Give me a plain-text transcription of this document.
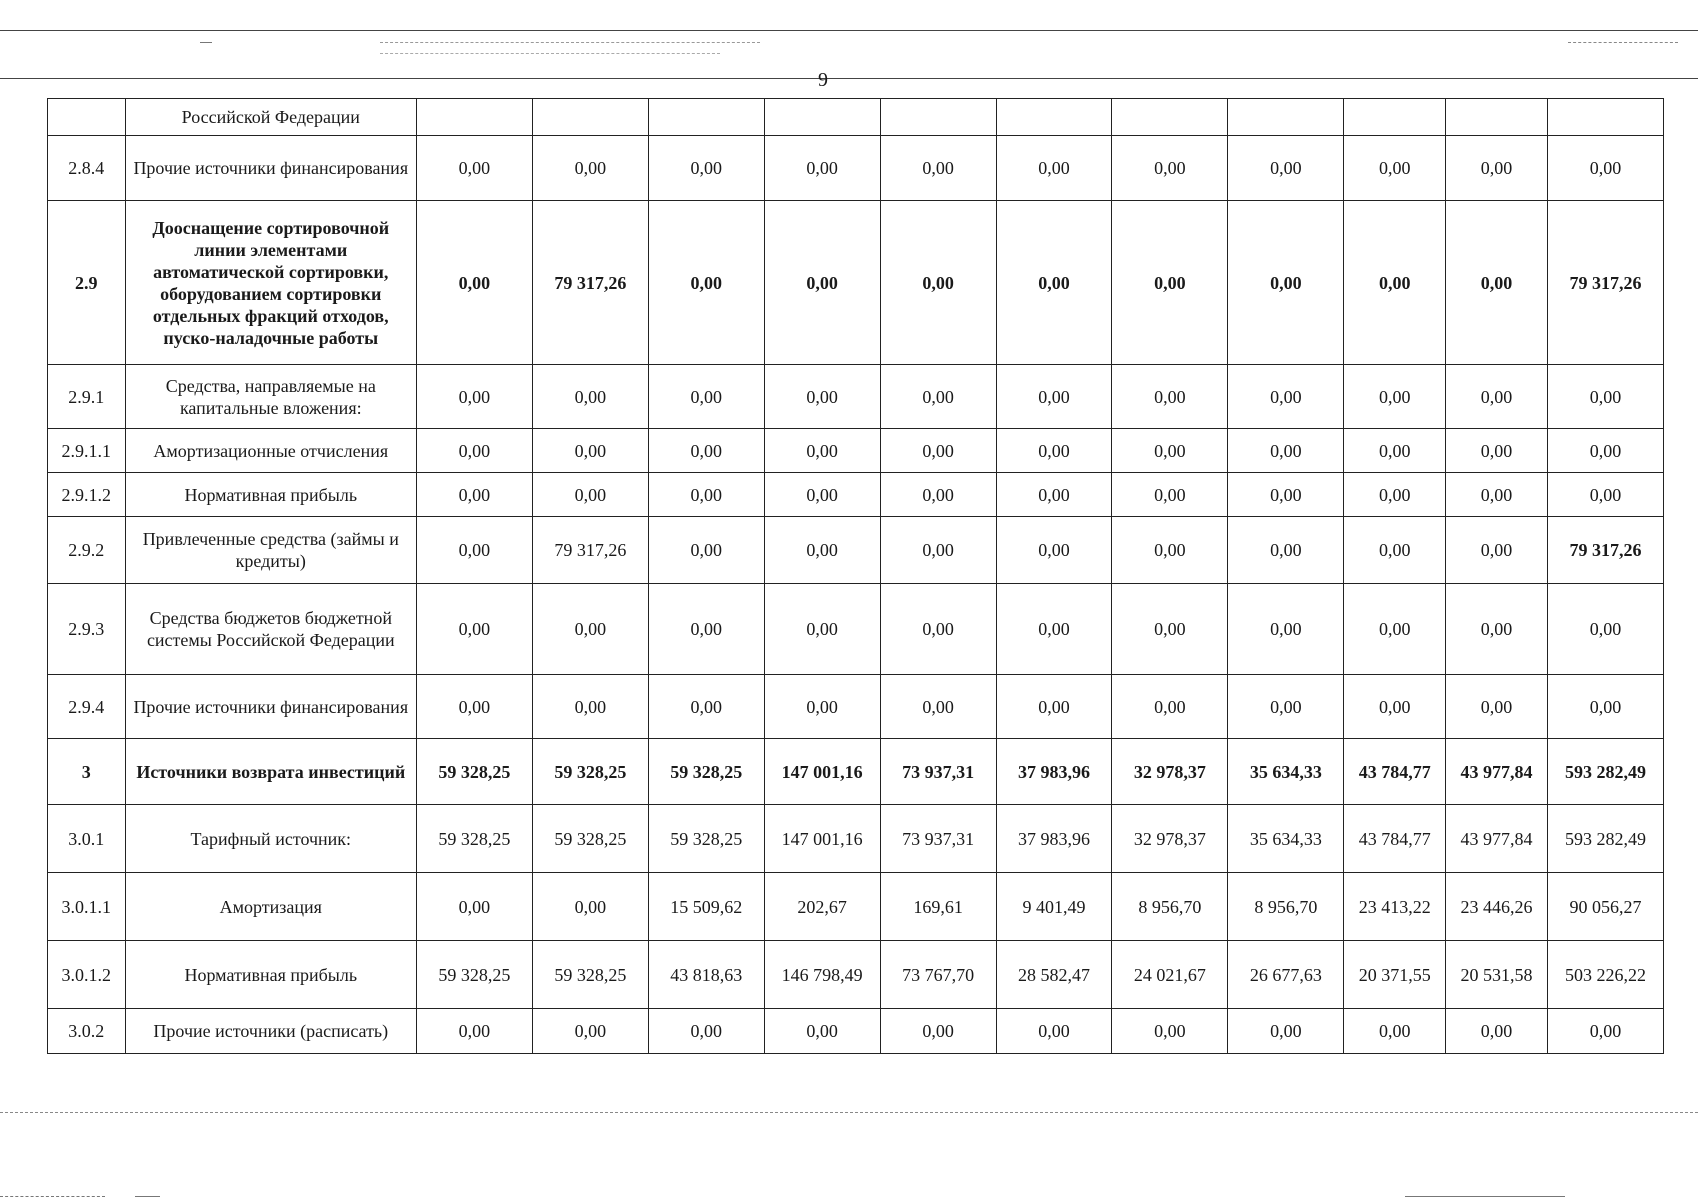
9
	Российской Федерации											
2.8.4	Прочие источники финансирования	0,00	0,00	0,00	0,00	0,00	0,00	0,00	0,00	0,00	0,00	0,00
2.9	Дооснащение сортировочной линии элементами автоматической сортировки, оборудованием сортировки отдельных фракций отходов, пуско-наладочные работы	0,00	79 317,26	0,00	0,00	0,00	0,00	0,00	0,00	0,00	0,00	79 317,26
2.9.1	Средства, направляемые на капитальные вложения:	0,00	0,00	0,00	0,00	0,00	0,00	0,00	0,00	0,00	0,00	0,00
2.9.1.1	Амортизационные отчисления	0,00	0,00	0,00	0,00	0,00	0,00	0,00	0,00	0,00	0,00	0,00
2.9.1.2	Нормативная прибыль	0,00	0,00	0,00	0,00	0,00	0,00	0,00	0,00	0,00	0,00	0,00
2.9.2	Привлеченные средства (займы и кредиты)	0,00	79 317,26	0,00	0,00	0,00	0,00	0,00	0,00	0,00	0,00	79 317,26
2.9.3	Средства бюджетов бюджетной системы Российской Федерации	0,00	0,00	0,00	0,00	0,00	0,00	0,00	0,00	0,00	0,00	0,00
2.9.4	Прочие источники финансирования	0,00	0,00	0,00	0,00	0,00	0,00	0,00	0,00	0,00	0,00	0,00
3	Источники возврата инвестиций	59 328,25	59 328,25	59 328,25	147 001,16	73 937,31	37 983,96	32 978,37	35 634,33	43 784,77	43 977,84	593 282,49
3.0.1	Тарифный источник:	59 328,25	59 328,25	59 328,25	147 001,16	73 937,31	37 983,96	32 978,37	35 634,33	43 784,77	43 977,84	593 282,49
3.0.1.1	Амортизация	0,00	0,00	15 509,62	202,67	169,61	9 401,49	8 956,70	8 956,70	23 413,22	23 446,26	90 056,27
3.0.1.2	Нормативная прибыль	59 328,25	59 328,25	43 818,63	146 798,49	73 767,70	28 582,47	24 021,67	26 677,63	20 371,55	20 531,58	503 226,22
3.0.2	Прочие источники (расписать)	0,00	0,00	0,00	0,00	0,00	0,00	0,00	0,00	0,00	0,00	0,00
